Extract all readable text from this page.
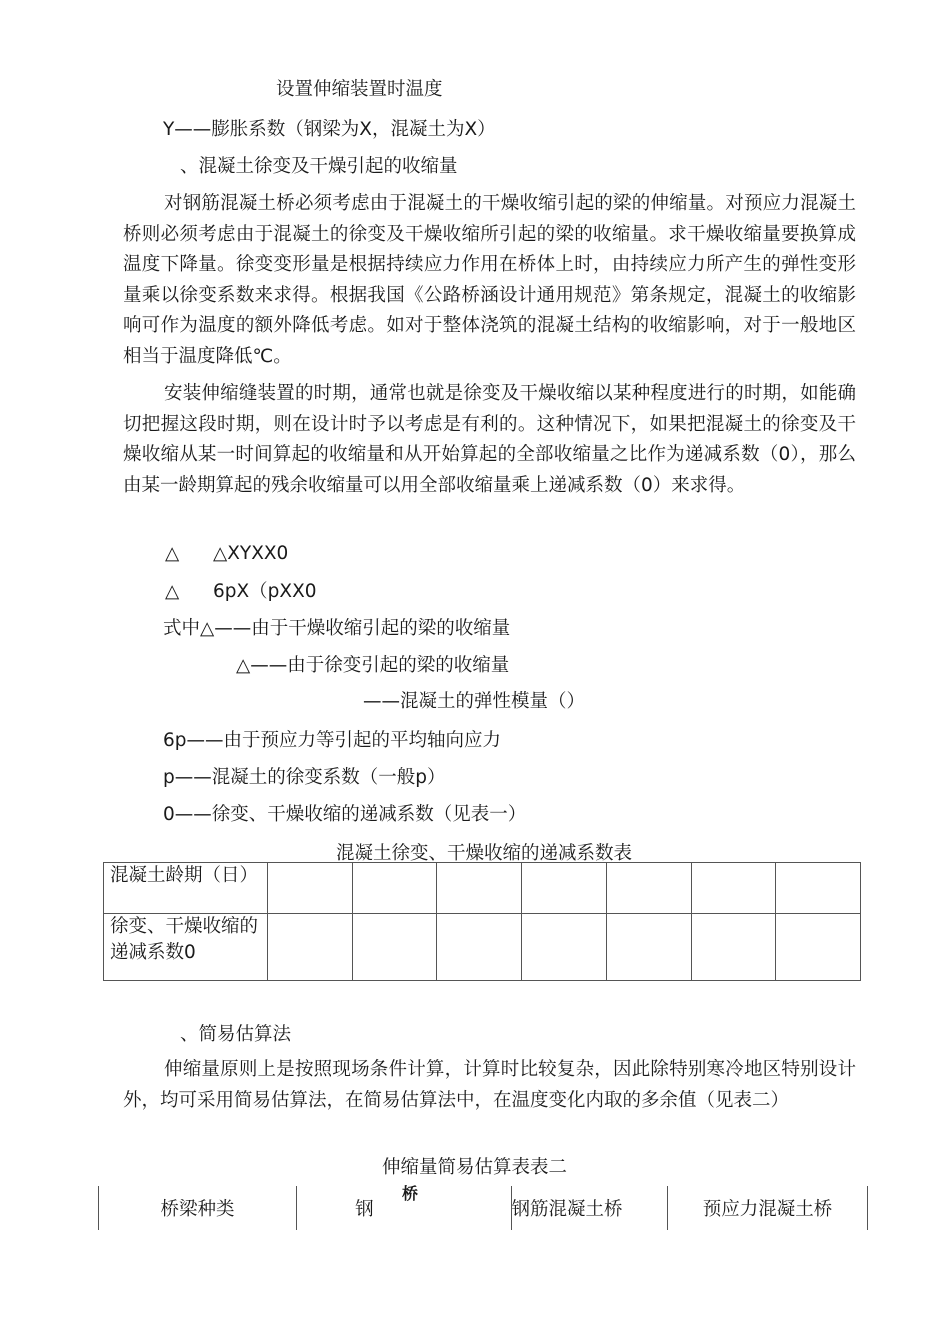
设置伸缩装置时温度
Y——膨胀系数（钢梁为X，混凝土为X）
、混凝土徐变及干燥引起的收缩量
对钢筋混凝土桥必须考虑由于混凝土的干燥收缩引起的梁的伸缩量。对预应力混凝土桥则必须考虑由于混凝土的徐变及干燥收缩所引起的梁的收缩量。求干燥收缩量要换算成温度下降量。徐变变形量是根据持续应力作用在桥体上时，由持续应力所产生的弹性变形量乘以徐变系数来求得。根据我国《公路桥涵设计通用规范》第条规定，混凝土的收缩影响可作为温度的额外降低考虑。如对于整体浇筑的混凝土结构的收缩影响，对于一般地区相当于温度降低℃。
安装伸缩缝装置的时期，通常也就是徐变及干燥收缩以某种程度进行的时期，如能确切把握这段时期，则在设计时予以考虑是有利的。这种情况下，如果把混凝土的徐变及干燥收缩从某一时间算起的收缩量和从开始算起的全部收缩量之比作为递减系数（0），那么由某一龄期算起的残余收缩量可以用全部收缩量乘上递减系数（0）来求得。
△ △XYXX0
△ 6pX（pXX0
式中△——由于干燥收缩引起的梁的收缩量
△——由于徐变引起的梁的收缩量
——混凝土的弹性模量（）
6p——由于预应力等引起的平均轴向应力
p——混凝土的徐变系数（一般p）
0——徐变、干燥收缩的递减系数（见表一）
混凝土徐变、干燥收缩的递减系数表
混凝土龄期（日）							
徐变、干燥收缩的递减系数0							
、简易估算法
伸缩量原则上是按照现场条件计算，计算时比较复杂，因此除特别寒冷地区特别设计外，均可采用简易估算法，在简易估算法中，在温度变化内取的多余值（见表二）
伸缩量简易估算表表二
桥梁种类	钢	钢筋混凝土桥	预应力混凝土桥
桥
